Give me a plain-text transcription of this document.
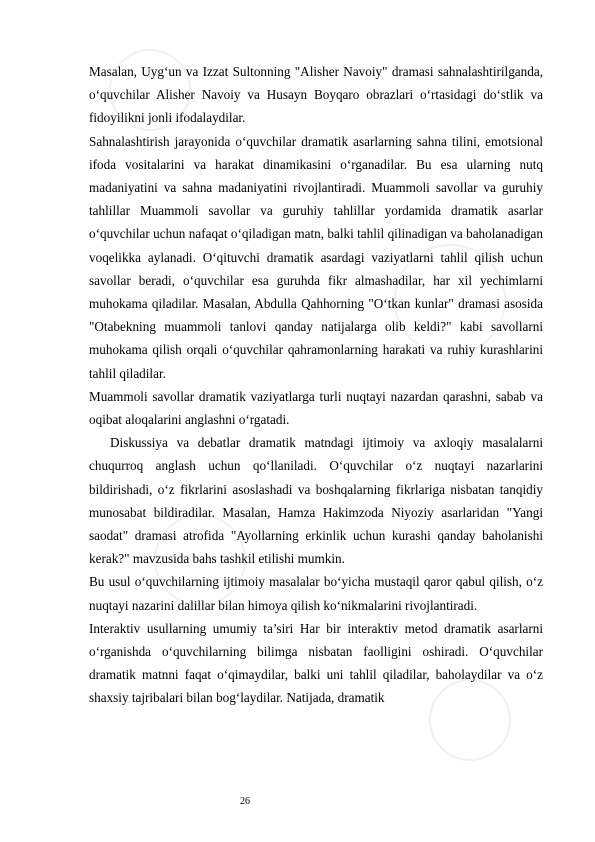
Masalan, Uyg‘un va Izzat Sultonning "Alisher Navoiy" dramasi sahnalashtirilganda, o‘quvchilar Alisher Navoiy va Husayn Boyqaro obrazlari o‘rtasidagi do‘stlik va fidoyilikni jonli ifodalaydilar.

Sahnalashtirish jarayonida o‘quvchilar dramatik asarlarning sahna tilini, emotsional ifoda vositalarini va harakat dinamikasini o‘rganadilar. Bu esa ularning nutq madaniyatini va sahna madaniyatini rivojlantiradi. Muammoli savollar va guruhiy tahlillar Muammoli savollar va guruhiy tahlillar yordamida dramatik asarlar o‘quvchilar uchun nafaqat o‘qiladigan matn, balki tahlil qilinadigan va baholanadigan voqelikka aylanadi. O‘qituvchi dramatik asardagi vaziyatlarni tahlil qilish uchun savollar beradi, o‘quvchilar esa guruhda fikr almashadilar, har xil yechimlarni muhokama qiladilar. Masalan, Abdulla Qahhorning "O‘tkan kunlar" dramasi asosida "Otabekning muammoli tanlovi qanday natijalarga olib keldi?" kabi savollarni muhokama qilish orqali o‘quvchilar qahramonlarning harakati va ruhiy kurashlarini tahlil qiladilar.

Muammoli savollar dramatik vaziyatlarga turli nuqtayi nazardan qarashni, sabab va oqibat aloqalarini anglashni o‘rgatadi.

Diskussiya va debatlar dramatik matndagi ijtimoiy va axloqiy masalalarni chuqurroq anglash uchun qo‘llaniladi. O‘quvchilar o‘z nuqtayi nazarlarini bildirishadi, o‘z fikrlarini asoslashadi va boshqalarning fikrlariga nisbatan tanqidiy munosabat bildiradilar. Masalan, Hamza Hakimzoda Niyoziy asarlaridan "Yangi saodat" dramasi atrofida "Ayollarning erkinlik uchun kurashi qanday baholanishi kerak?" mavzusida bahs tashkil etilishi mumkin.

Bu usul o‘quvchilarning ijtimoiy masalalar bo‘yicha mustaqil qaror qabul qilish, o‘z nuqtayi nazarini dalillar bilan himoya qilish ko‘nikmalarini rivojlantiradi.

Interaktiv usullarning umumiy ta’siri Har bir interaktiv metod dramatik asarlarni o‘rganishda o‘quvchilarning bilimga nisbatan faolligini oshiradi. O‘quvchilar dramatik matnni faqat o‘qimaydilar, balki uni tahlil qiladilar, baholaydilar va o‘z shaxsiy tajribalari bilan bog‘laydilar. Natijada, dramatik

26
